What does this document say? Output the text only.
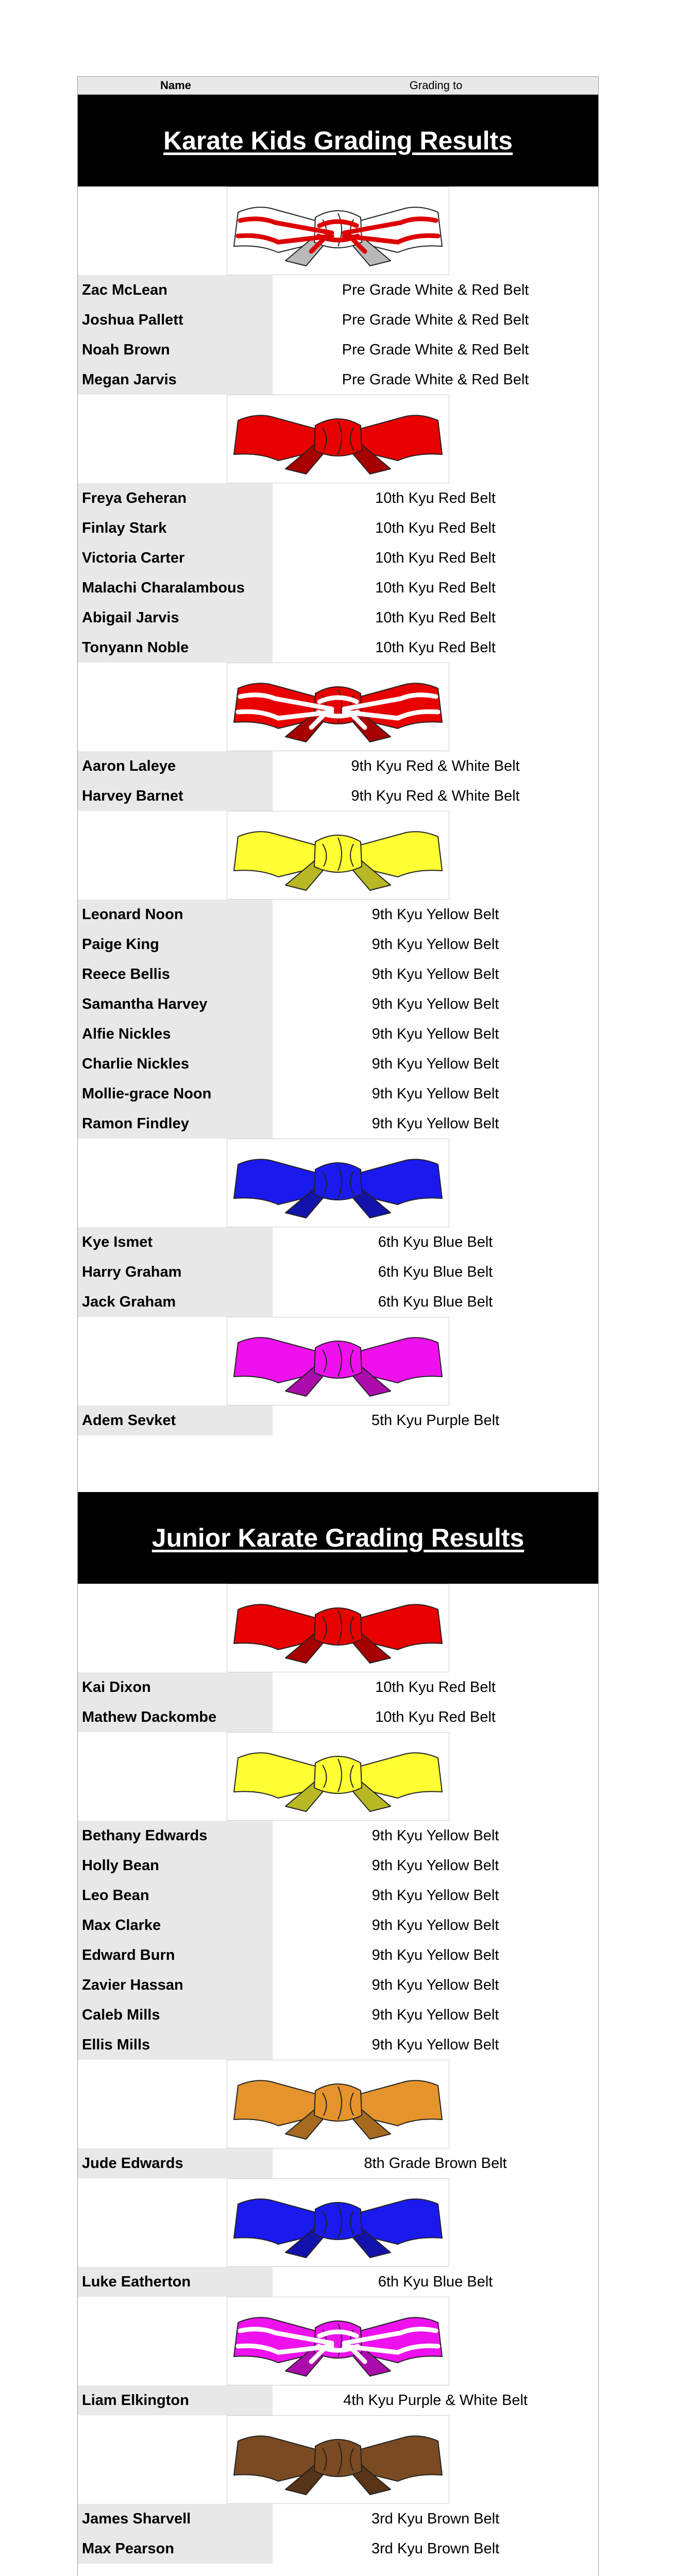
Name	Grading to
Karate Kids Grading Results
Zac McLean	Pre Grade White & Red Belt
Joshua Pallett	Pre Grade White & Red Belt
Noah Brown	Pre Grade White & Red Belt
Megan Jarvis	Pre Grade White & Red Belt
Freya Geheran	10th Kyu Red Belt
Finlay Stark	10th Kyu Red Belt
Victoria Carter	10th Kyu Red Belt
Malachi Charalambous	10th Kyu Red Belt
Abigail Jarvis	10th Kyu Red Belt
Tonyann Noble	10th Kyu Red Belt
Aaron Laleye	9th Kyu Red & White Belt
Harvey Barnet	9th Kyu Red & White Belt
Leonard Noon	9th Kyu Yellow Belt
Paige King	9th Kyu Yellow Belt
Reece Bellis	9th Kyu Yellow Belt
Samantha Harvey	9th Kyu Yellow Belt
Alfie Nickles	9th Kyu Yellow Belt
Charlie Nickles	9th Kyu Yellow Belt
Mollie-grace Noon	9th Kyu Yellow Belt
Ramon Findley	9th Kyu Yellow Belt
Kye Ismet	6th Kyu Blue Belt
Harry Graham	6th Kyu Blue Belt
Jack Graham	6th Kyu Blue Belt
Adem Sevket	5th Kyu Purple Belt
Junior Karate Grading Results
Kai Dixon	10th Kyu Red Belt
Mathew Dackombe	10th Kyu Red Belt
Bethany Edwards	9th Kyu Yellow Belt
Holly Bean	9th Kyu Yellow Belt
Leo Bean	9th Kyu Yellow Belt
Max Clarke	9th Kyu Yellow Belt
Edward Burn	9th Kyu Yellow Belt
Zavier Hassan	9th Kyu Yellow Belt
Caleb Mills	9th Kyu Yellow Belt
Ellis Mills	9th Kyu Yellow Belt
Jude Edwards	8th Grade Brown Belt
Luke Eatherton	6th Kyu Blue Belt
Liam Elkington	4th Kyu Purple & White Belt
James Sharvell	3rd Kyu Brown Belt
Max Pearson	3rd Kyu Brown Belt
